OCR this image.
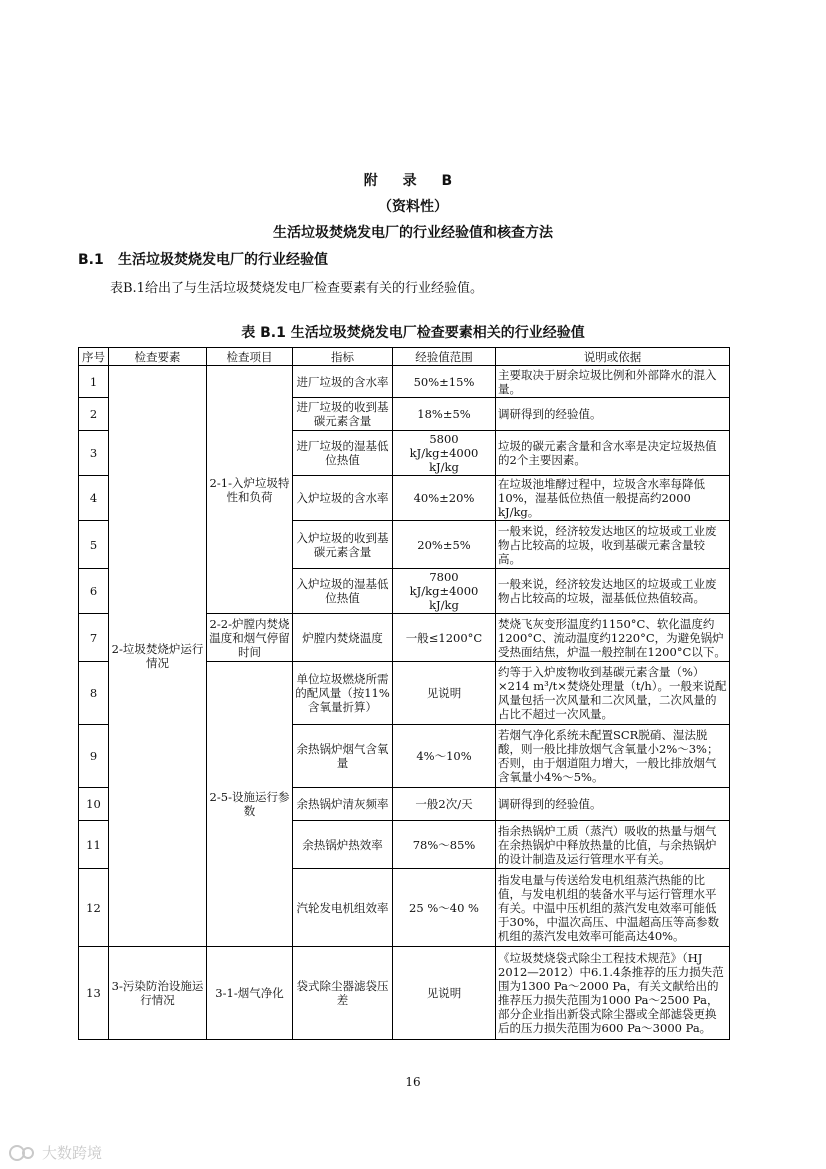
附 录 B
（资料性）
生活垃圾焚烧发电厂的行业经验值和核查方法
B.1 生活垃圾焚烧发电厂的行业经验值
表B.1给出了与生活垃圾焚烧发电厂检查要素有关的行业经验值。
表 B.1 生活垃圾焚烧发电厂检查要素相关的行业经验值
序号	检查要素	检查项目	指标	经验值范围	说明或依据
1	2-垃圾焚烧炉运行情况	2-1-入炉垃圾特性和负荷	进厂垃圾的含水率	50%±15%	主要取决于厨余垃圾比例和外部降水的混入量。
2			进厂垃圾的收到基碳元素含量	18%±5%	调研得到的经验值。
3			进厂垃圾的湿基低位热值	5800 kJ/kg±4000 kJ/kg	垃圾的碳元素含量和含水率是决定垃圾热值的2个主要因素。
4			入炉垃圾的含水率	40%±20%	在垃圾池堆酵过程中，垃圾含水率每降低10%，湿基低位热值一般提高约2000 kJ/kg。
5			入炉垃圾的收到基碳元素含量	20%±5%	一般来说，经济较发达地区的垃圾或工业废物占比较高的垃圾，收到基碳元素含量较高。
6			入炉垃圾的湿基低位热值	7800 kJ/kg±4000 kJ/kg	一般来说，经济较发达地区的垃圾或工业废物占比较高的垃圾，湿基低位热值较高。
7		2-2-炉膛内焚烧温度和烟气停留时间	炉膛内焚烧温度	一般≤1200°C	焚烧飞灰变形温度约1150°C、软化温度约1200°C、流动温度约1220°C，为避免锅炉受热面结焦，炉温一般控制在1200°C以下。
8		2-5-设施运行参数	单位垃圾燃烧所需的配风量（按11%含氧量折算）	见说明	约等于入炉废物收到基碳元素含量（%）×214 m³/t×焚烧处理量（t/h）。一般来说配风量包括一次风量和二次风量，二次风量的占比不超过一次风量。
9			余热锅炉烟气含氧量	4%～10%	若烟气净化系统未配置SCR脱硝、湿法脱酸，则一般比排放烟气含氧量小2%～3%；否则，由于烟道阻力增大，一般比排放烟气含氧量小4%～5%。
10			余热锅炉清灰频率	一般2次/天	调研得到的经验值。
11			余热锅炉热效率	78%～85%	指余热锅炉工质（蒸汽）吸收的热量与烟气在余热锅炉中释放热量的比值，与余热锅炉的设计制造及运行管理水平有关。
12			汽轮发电机组效率	25 %～40 %	指发电量与传送给发电机组蒸汽热能的比值，与发电机组的装备水平与运行管理水平有关。中温中压机组的蒸汽发电效率可能低于30%，中温次高压、中温超高压等高参数机组的蒸汽发电效率可能高达40%。
13	3-污染防治设施运行情况	3-1-烟气净化	袋式除尘器滤袋压差	见说明	《垃圾焚烧袋式除尘工程技术规范》（HJ 2012—2012）中6.1.4条推荐的压力损失范围为1300 Pa～2000 Pa，有关文献给出的推荐压力损失范围为1000 Pa～2500 Pa，部分企业指出新袋式除尘器或全部滤袋更换后的压力损失范围为600 Pa～3000 Pa。
16
大数跨境
